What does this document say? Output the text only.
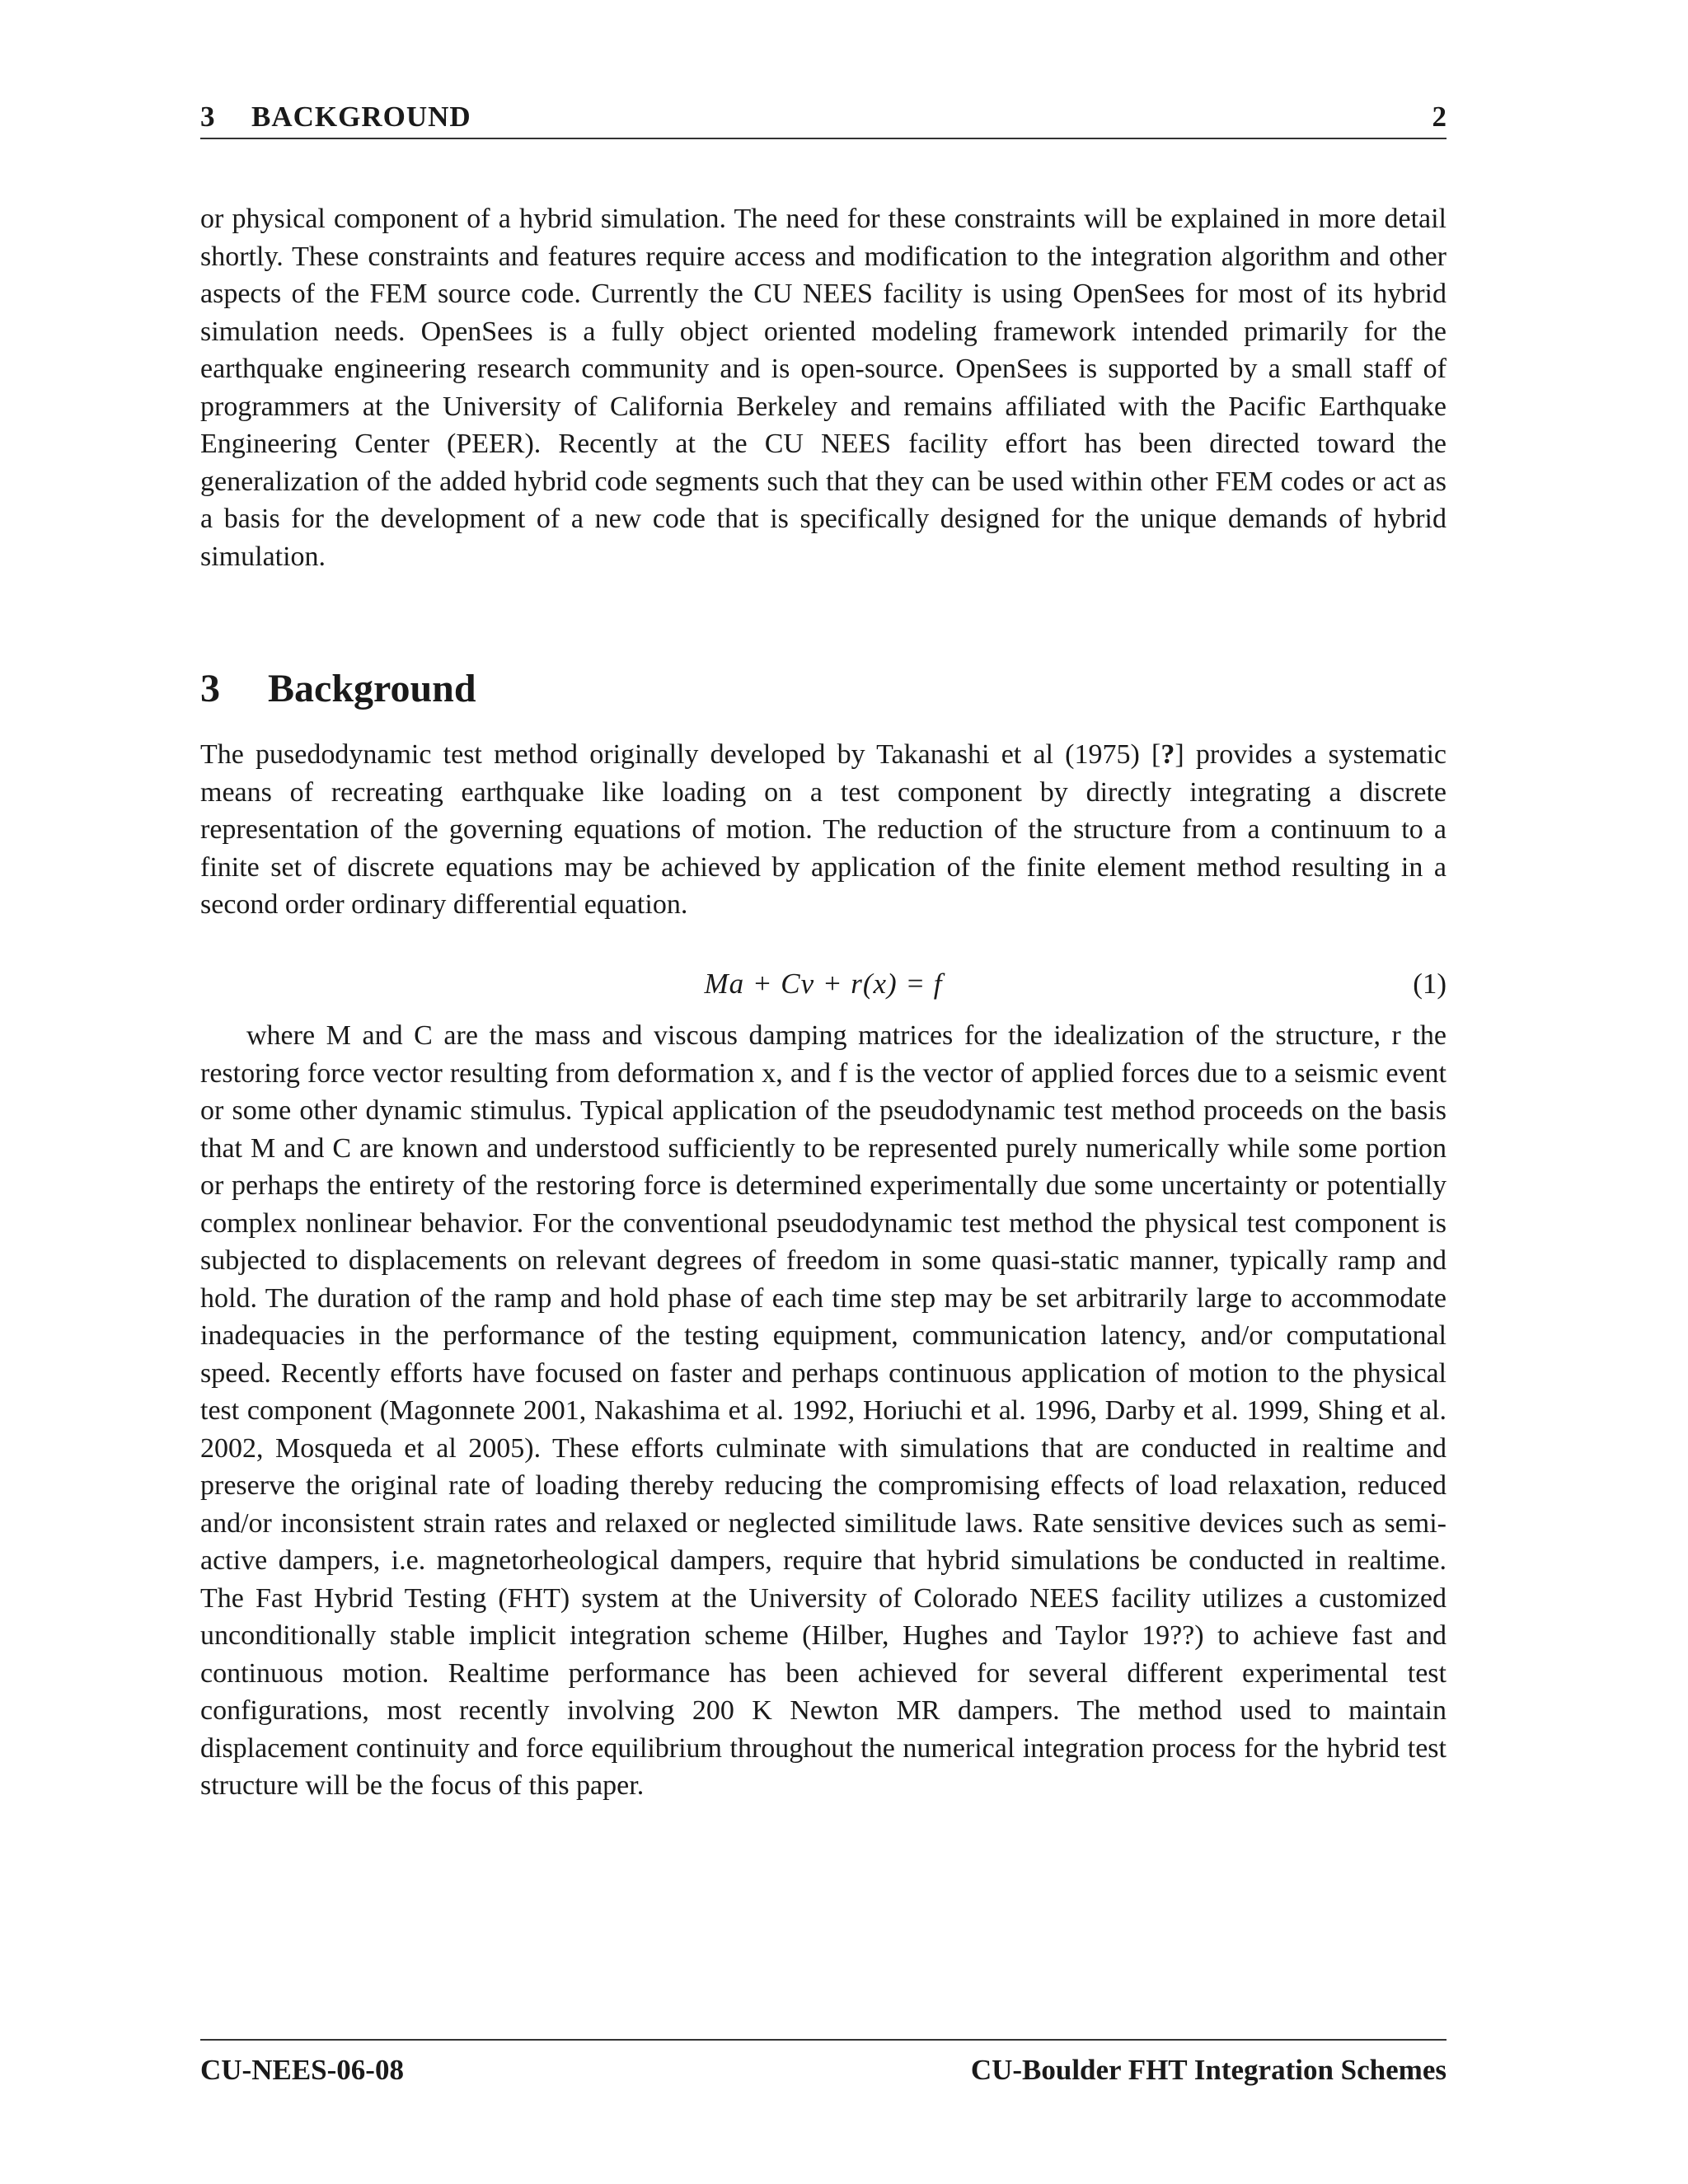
3 BACKGROUND	2

or physical component of a hybrid simulation. The need for these constraints will be explained in more detail shortly. These constraints and features require access and modification to the integration algorithm and other aspects of the FEM source code. Currently the CU NEES facility is using OpenSees for most of its hybrid simulation needs. OpenSees is a fully object oriented modeling framework intended primarily for the earthquake engineering research community and is open-source. OpenSees is supported by a small staff of programmers at the University of California Berkeley and remains affiliated with the Pacific Earthquake Engineering Center (PEER). Recently at the CU NEES facility effort has been directed toward the generalization of the added hybrid code segments such that they can be used within other FEM codes or act as a basis for the development of a new code that is specifically designed for the unique demands of hybrid simulation.

3 Background

The pusedodynamic test method originally developed by Takanashi et al (1975) [?] provides a systematic means of recreating earthquake like loading on a test component by directly integrating a discrete representation of the governing equations of motion. The reduction of the structure from a continuum to a finite set of discrete equations may be achieved by application of the finite element method resulting in a second order ordinary differential equation.

Ma + Cv + r(x) = f	(1)

where M and C are the mass and viscous damping matrices for the idealization of the structure, r the restoring force vector resulting from deformation x, and f is the vector of applied forces due to a seismic event or some other dynamic stimulus. Typical application of the pseudodynamic test method proceeds on the basis that M and C are known and understood sufficiently to be represented purely numerically while some portion or perhaps the entirety of the restoring force is determined experimentally due some uncertainty or potentially complex nonlinear behavior. For the conventional pseudodynamic test method the physical test component is subjected to displacements on relevant degrees of freedom in some quasi-static manner, typically ramp and hold. The duration of the ramp and hold phase of each time step may be set arbitrarily large to accommodate inadequacies in the performance of the testing equipment, communication latency, and/or computational speed. Recently efforts have focused on faster and perhaps continuous application of motion to the physical test component (Magonnete 2001, Nakashima et al. 1992, Horiuchi et al. 1996, Darby et al. 1999, Shing et al. 2002, Mosqueda et al 2005). These efforts culminate with simulations that are conducted in realtime and preserve the original rate of loading thereby reducing the compromising effects of load relaxation, reduced and/or inconsistent strain rates and relaxed or neglected similitude laws. Rate sensitive devices such as semi-active dampers, i.e. magnetorheological dampers, require that hybrid simulations be conducted in realtime. The Fast Hybrid Testing (FHT) system at the University of Colorado NEES facility utilizes a customized unconditionally stable implicit integration scheme (Hilber, Hughes and Taylor 19??) to achieve fast and continuous motion. Realtime performance has been achieved for several different experimental test configurations, most recently involving 200 K Newton MR dampers. The method used to maintain displacement continuity and force equilibrium throughout the numerical integration process for the hybrid test structure will be the focus of this paper.

CU-NEES-06-08	CU-Boulder FHT Integration Schemes
